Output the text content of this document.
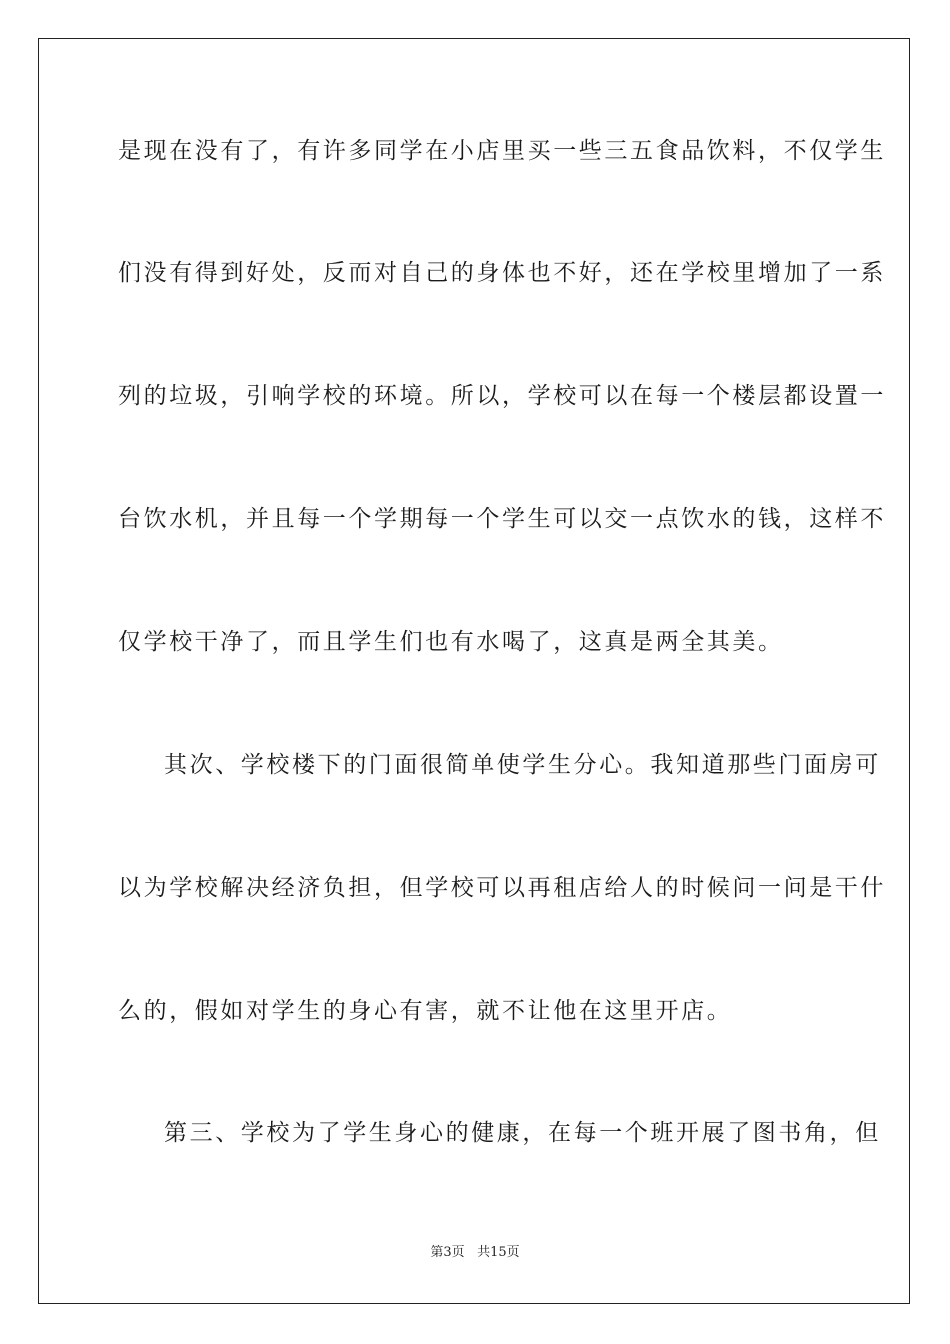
是现在没有了，有许多同学在小店里买一些三五食品饮料，不仅学生
们没有得到好处，反而对自己的身体也不好，还在学校里增加了一系
列的垃圾，引响学校的环境。所以，学校可以在每一个楼层都设置一
台饮水机，并且每一个学期每一个学生可以交一点饮水的钱，这样不
仅学校干净了，而且学生们也有水喝了，这真是两全其美。
其次、学校楼下的门面很简单使学生分心。我知道那些门面房可
以为学校解决经济负担，但学校可以再租店给人的时候问一问是干什
么的，假如对学生的身心有害，就不让他在这里开店。
第三、学校为了学生身心的健康，在每一个班开展了图书角，但
第3页 共15页
